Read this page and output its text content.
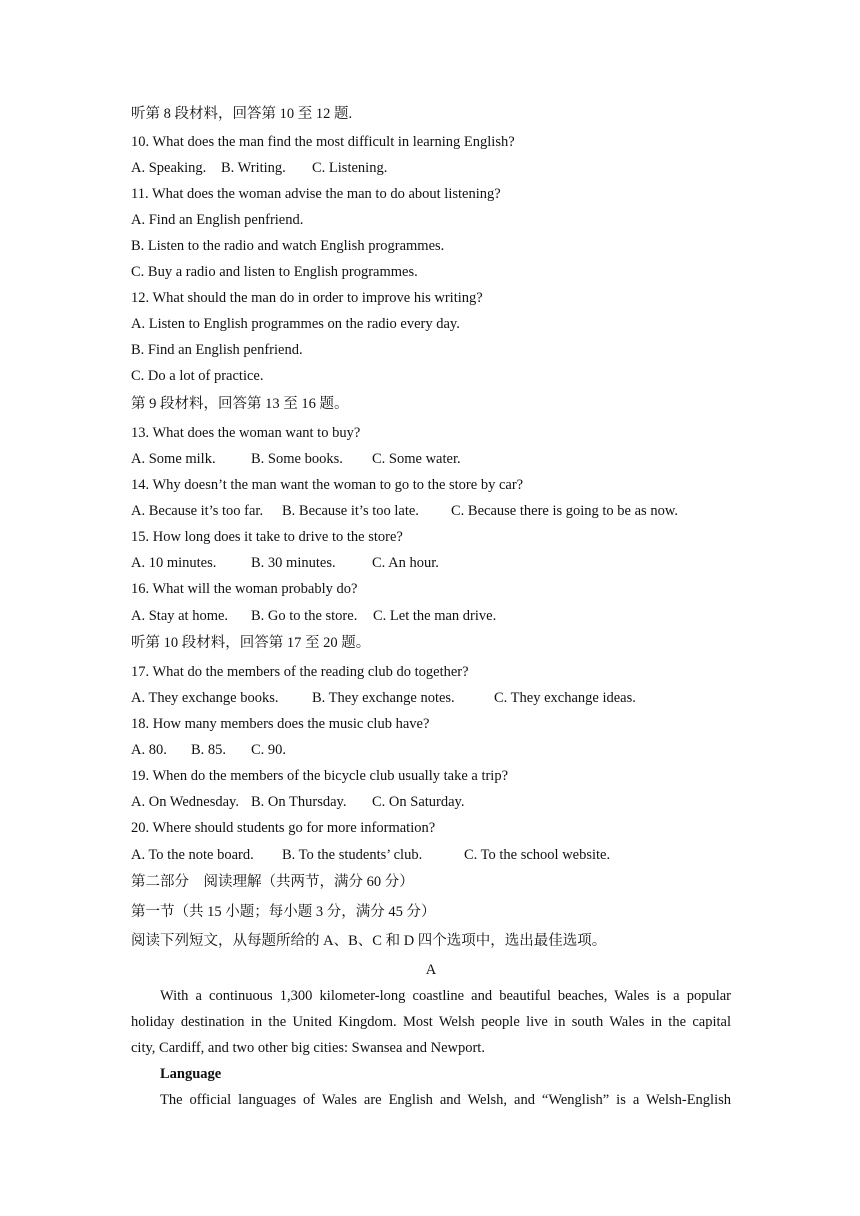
听第 8 段材料，回答第 10 至 12 题.
10. What does the man find the most difficult in learning English?
A. Speaking.	B. Writing.	C. Listening.
11. What does the woman advise the man to do about listening?
A. Find an English penfriend.
B. Listen to the radio and watch English programmes.
C. Buy a radio and listen to English programmes.
12. What should the man do in order to improve his writing?
A. Listen to English programmes on the radio every day.
B. Find an English penfriend.
C. Do a lot of practice.
第 9 段材料，回答第 13 至 16 题。
13. What does the woman want to buy?
A. Some milk.	B. Some books.	C. Some water.
14. Why doesn’t the man want the woman to go to the store by car?
A. Because it’s too far.	B. Because it’s too late.	C. Because there is going to be as now.
15. How long does it take to drive to the store?
A. 10 minutes.	B. 30 minutes.	C. An hour.
16. What will the woman probably do?
A. Stay at home.	B. Go to the store.	C. Let the man drive.
听第 10 段材料，回答第 17 至 20 题。
17. What do the members of the reading club do together?
A. They exchange books.	B. They exchange notes.	C. They exchange ideas.
18. How many members does the music club have?
A. 80.	B. 85.	C. 90.
19. When do the members of the bicycle club usually take a trip?
A. On Wednesday. B. On Thursday.	C. On Saturday.
20. Where should students go for more information?
A. To the note board.	B. To the students’ club.	C. To the school website.
第二部分　阅读理解（共两节，满分 60 分）
第一节（共 15 小题；每小题 3 分，满分 45 分）
阅读下列短文，从每题所给的 A、B、C 和 D 四个选项中，选出最佳选项。
A
With a continuous 1,300 kilometer-long coastline and beautiful beaches, Wales is a popular
holiday destination in the United Kingdom. Most Welsh people live in south Wales in the capital
city, Cardiff, and two other big cities: Swansea and Newport.
Language
The official languages of Wales are English and Welsh, and “Wenglish” is a Welsh-English
